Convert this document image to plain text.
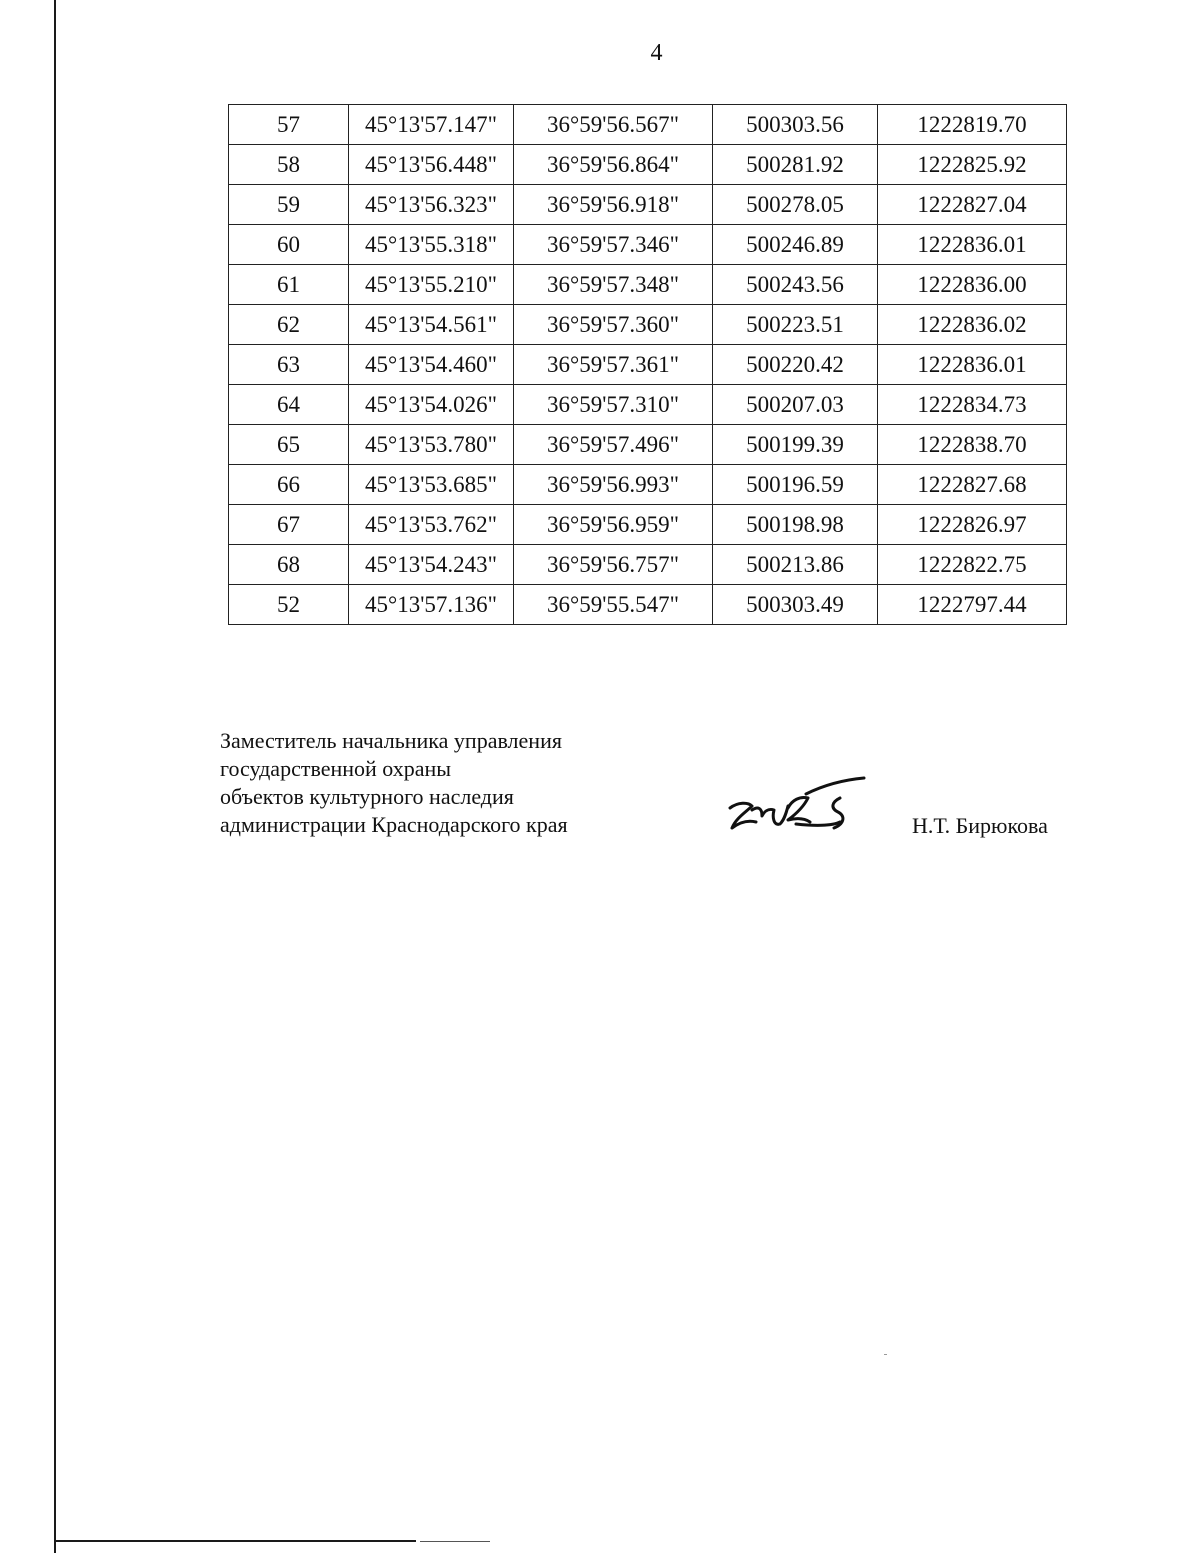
4
57	45°13'57.147"	36°59'56.567"	500303.56	1222819.70
58	45°13'56.448"	36°59'56.864"	500281.92	1222825.92
59	45°13'56.323"	36°59'56.918"	500278.05	1222827.04
60	45°13'55.318"	36°59'57.346"	500246.89	1222836.01
61	45°13'55.210"	36°59'57.348"	500243.56	1222836.00
62	45°13'54.561"	36°59'57.360"	500223.51	1222836.02
63	45°13'54.460"	36°59'57.361"	500220.42	1222836.01
64	45°13'54.026"	36°59'57.310"	500207.03	1222834.73
65	45°13'53.780"	36°59'57.496"	500199.39	1222838.70
66	45°13'53.685"	36°59'56.993"	500196.59	1222827.68
67	45°13'53.762"	36°59'56.959"	500198.98	1222826.97
68	45°13'54.243"	36°59'56.757"	500213.86	1222822.75
52	45°13'57.136"	36°59'55.547"	500303.49	1222797.44
Заместитель начальника управления
государственной охраны
объектов культурного наследия
администрации Краснодарского края	Н.Т. Бирюкова
